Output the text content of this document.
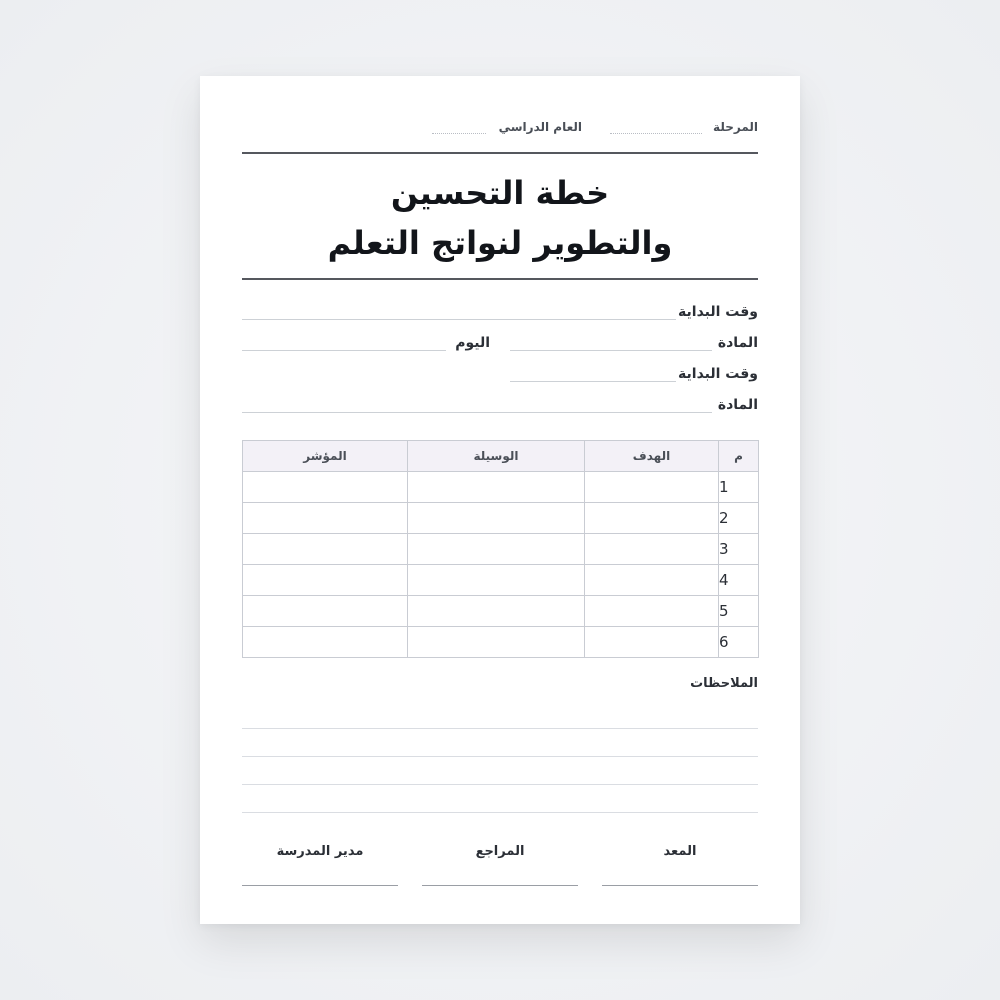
المرحلة
العام الدراسي
خطة التحسين
والتطوير لنواتج التعلم
وقت البداية
المادة
اليوم
وقت البداية
المادة
م	الهدف	الوسيلة	المؤشر
1			
2			
3			
4			
5			
6			
الملاحظات
المعد
المراجع
مدير المدرسة
